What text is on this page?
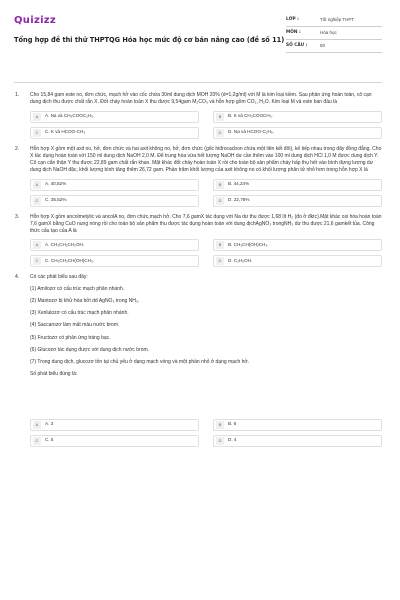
Quizizz
Tổng hợp đề thi thử THPTQG Hóa học mức độ cơ bản nâng cao (đề số 11)
LỚP :	Tốt nghiệp THPT
MÔN :	Hóa học
SỐ CÂU :	50
1.	Cho 15,84 gam este no, đơn chức, mạch hở vào cốc chứa 30ml dung dịch MOH 20% (d=1,2g/ml) với M là kim loại kiềm. Sau phản ứng hoàn toàn, cô cạn dung dịch thu được chất rắn X. Đốt cháy hoàn toàn X thu được 9,54gam M₂CO₃ và hỗn hợp gồm CO₂, H₂O. Kim loại M và este ban đầu là
A	A. Na và CH₃COOC₂H₅.	B	B. K và CH₃COOCH₃.
C	C. K và HCOO-CH₃	D	D. Na và HCOO-C₂H₅.
2.	Hỗn hợp X gồm một axit no, hở, đơn chức và hai axit không no, hở, đơn chức (gốc hiđrocacbon chứa một liên kết đôi), kế tiếp nhau trong dãy đồng đẳng. Cho X tác dụng hoàn toàn với 150 ml dung dịch NaOH 2,0 M. Để trung hòa vừa hết lượng NaOH dư cần thêm vào 100 ml dung dịch HCl 1,0 M được dung dịch Y. Cô cạn cẩn thận Y thu được 22,89 gam chất rắn khan. Mặt khác đốt cháy hoàn toàn X rồi cho toàn bộ sản phẩm cháy hấp thụ hết vào bình đựng lượng dư dung dịch NaOH đặc, khối lượng bình tăng thêm 26,72 gam. Phần trăm khối lượng của axit không no có khối lượng phân tử nhỏ hơn trong hỗn hợp X là
A	A. 40,82%	B	B. 44,24%
C	C. 35,52%	D	D. 22,78%
3.	Hỗn hợp X gồm ancolmetylic và ancolA no, đơn chức,mạch hở. Cho 7,6 gamX tác dụng với Na dư thu được 1,68 lít H₂ (đo ở đktc).Mặt khác oxi hóa hoàn toàn 7,6 gamX bằng CuO nung nóng rồi cho toàn bộ sản phẩm thu được tác dụng hoàn toàn với dung dịchAgNO₃ trongNH₃ dư thu được 21,6 gamkết tủa. Công thức cấu tạo của A là
A	A. CH₃CH₂CH₂OH.	B	B. CH₃CH(OH)CH₃.
C	C. CH₃CH₂CH(OH)CH₃.	D	D. C₂H₅OH.
4.	Có các phát biểu sau đây:
(1) Amilozơ có cấu trúc mạch phân nhánh.
(2) Mantozơ bị khử hóa bởi dd AgNO₃ trong NH₃.
(3) Xenlulozơ có cấu trúc mạch phân nhánh.
(4) Saccarozơ làm mất màu nước brom.
(5) Fructozơ có phản ứng tráng bạc.
(6) Glucozơ tác dụng được với dung dịch nước brom.
(7) Trong dung dịch, glucozơ tồn tại chủ yếu ở dạng mạch vòng và một phần nhỏ ở dạng mạch hở.
Số phát biểu đúng là:
A	A. 3	B	B. 6
C	C. 5	D	D. 4
